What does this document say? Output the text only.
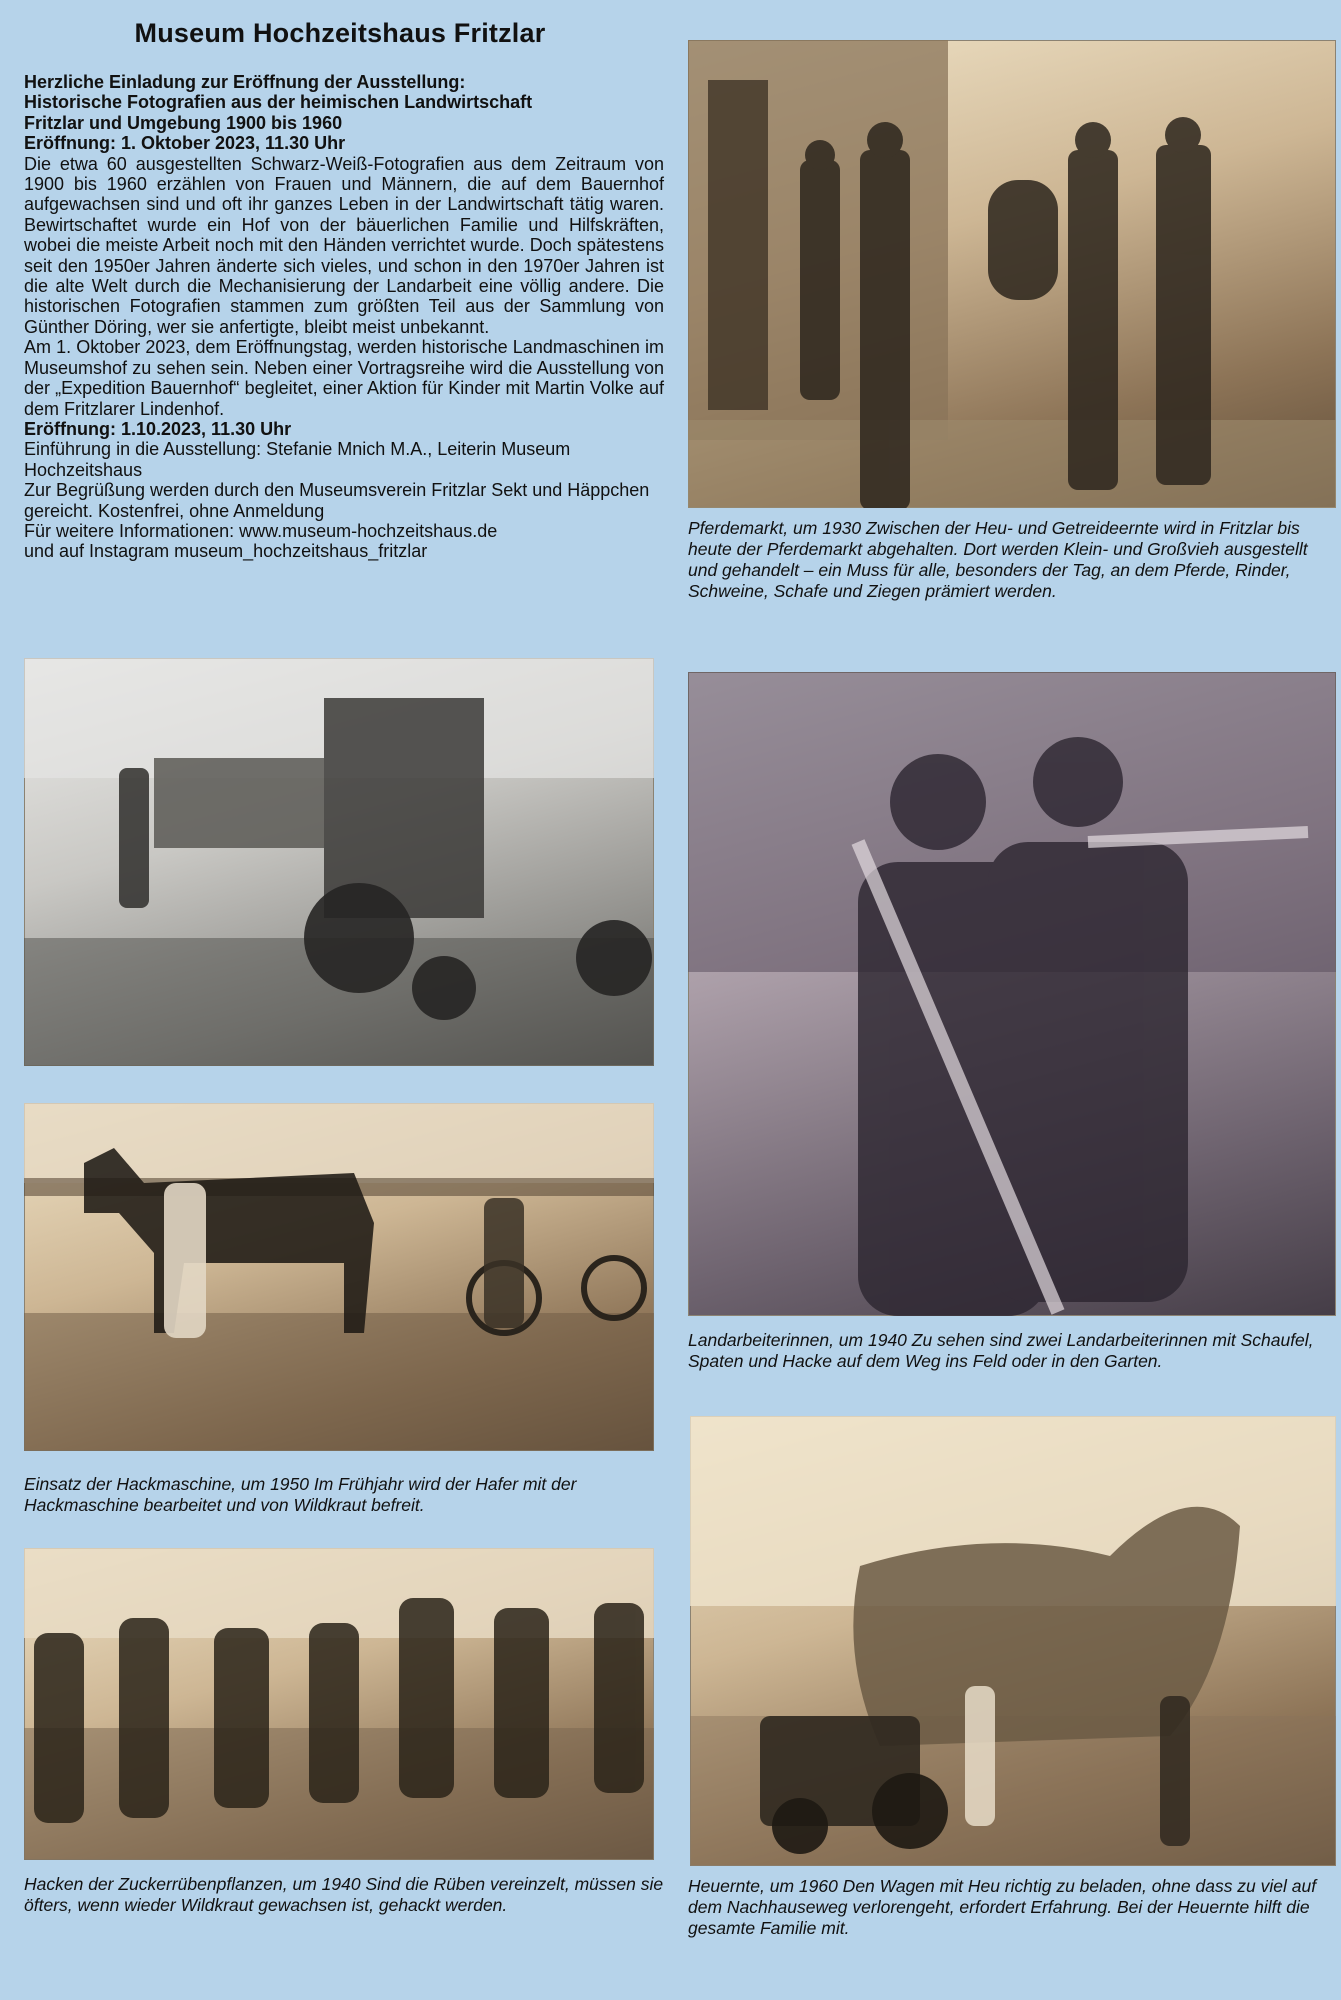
Museum Hochzeitshaus Fritzlar

Herzliche Einladung zur Eröffnung der Ausstellung:

Historische Fotografien aus der heimischen Landwirtschaft

Fritzlar und Umgebung 1900 bis 1960

Eröffnung: 1. Oktober 2023, 11.30 Uhr

Die etwa 60 ausgestellten Schwarz-Weiß-Fotografien aus dem Zeitraum von 1900 bis 1960 erzählen von Frauen und Männern, die auf dem Bauernhof aufgewachsen sind und oft ihr ganzes Leben in der Landwirtschaft tätig waren. Bewirtschaftet wurde ein Hof von der bäuerlichen Familie und Hilfskräften, wobei die meiste Arbeit noch mit den Händen verrichtet wurde. Doch spätestens seit den 1950er Jahren änderte sich vieles, und schon in den 1970er Jahren ist die alte Welt durch die Mechanisierung der Landarbeit eine völlig andere. Die historischen Fotografien stammen zum größten Teil aus der Sammlung von Günther Döring, wer sie anfertigte, bleibt meist unbekannt.

Am 1. Oktober 2023, dem Eröffnungstag, werden historische Landmaschinen im Museumshof zu sehen sein. Neben einer Vortragsreihe wird die Ausstellung von der „Expedition Bauernhof“ begleitet, einer Aktion für Kinder mit Martin Volke auf dem Fritzlarer Lindenhof.

Eröffnung: 1.10.2023, 11.30 Uhr

Einführung in die Ausstellung: Stefanie Mnich M.A., Leiterin Museum Hochzeitshaus

Zur Begrüßung werden durch den Museumsverein Fritzlar Sekt und Häppchen gereicht. Kostenfrei, ohne Anmeldung

Für weitere Informationen: www.museum-hochzeitshaus.de

und auf Instagram museum_hochzeitshaus_fritzlar

Pferdemarkt, um 1930 Zwischen der Heu- und Getreideernte wird in Fritzlar bis heute der Pferdemarkt abgehalten. Dort werden Klein- und Großvieh ausgestellt und gehandelt – ein Muss für alle, besonders der Tag, an dem Pferde, Rinder, Schweine, Schafe und Ziegen prämiert werden.
Landarbeiterinnen, um 1940 Zu sehen sind zwei Landarbeiterinnen mit Schaufel, Spaten und Hacke auf dem Weg ins Feld oder in den Garten.
Einsatz der Hackmaschine, um 1950 Im Frühjahr wird der Hafer mit der Hackmaschine bearbeitet und von Wildkraut befreit.
Hacken der Zuckerrübenpflanzen, um 1940 Sind die Rüben vereinzelt, müssen sie öfters, wenn wieder Wildkraut gewachsen ist, gehackt werden.
Heuernte, um 1960 Den Wagen mit Heu richtig zu beladen, ohne dass zu viel auf dem Nachhauseweg verlorengeht, erfordert Erfahrung. Bei der Heuernte hilft die gesamte Familie mit.
